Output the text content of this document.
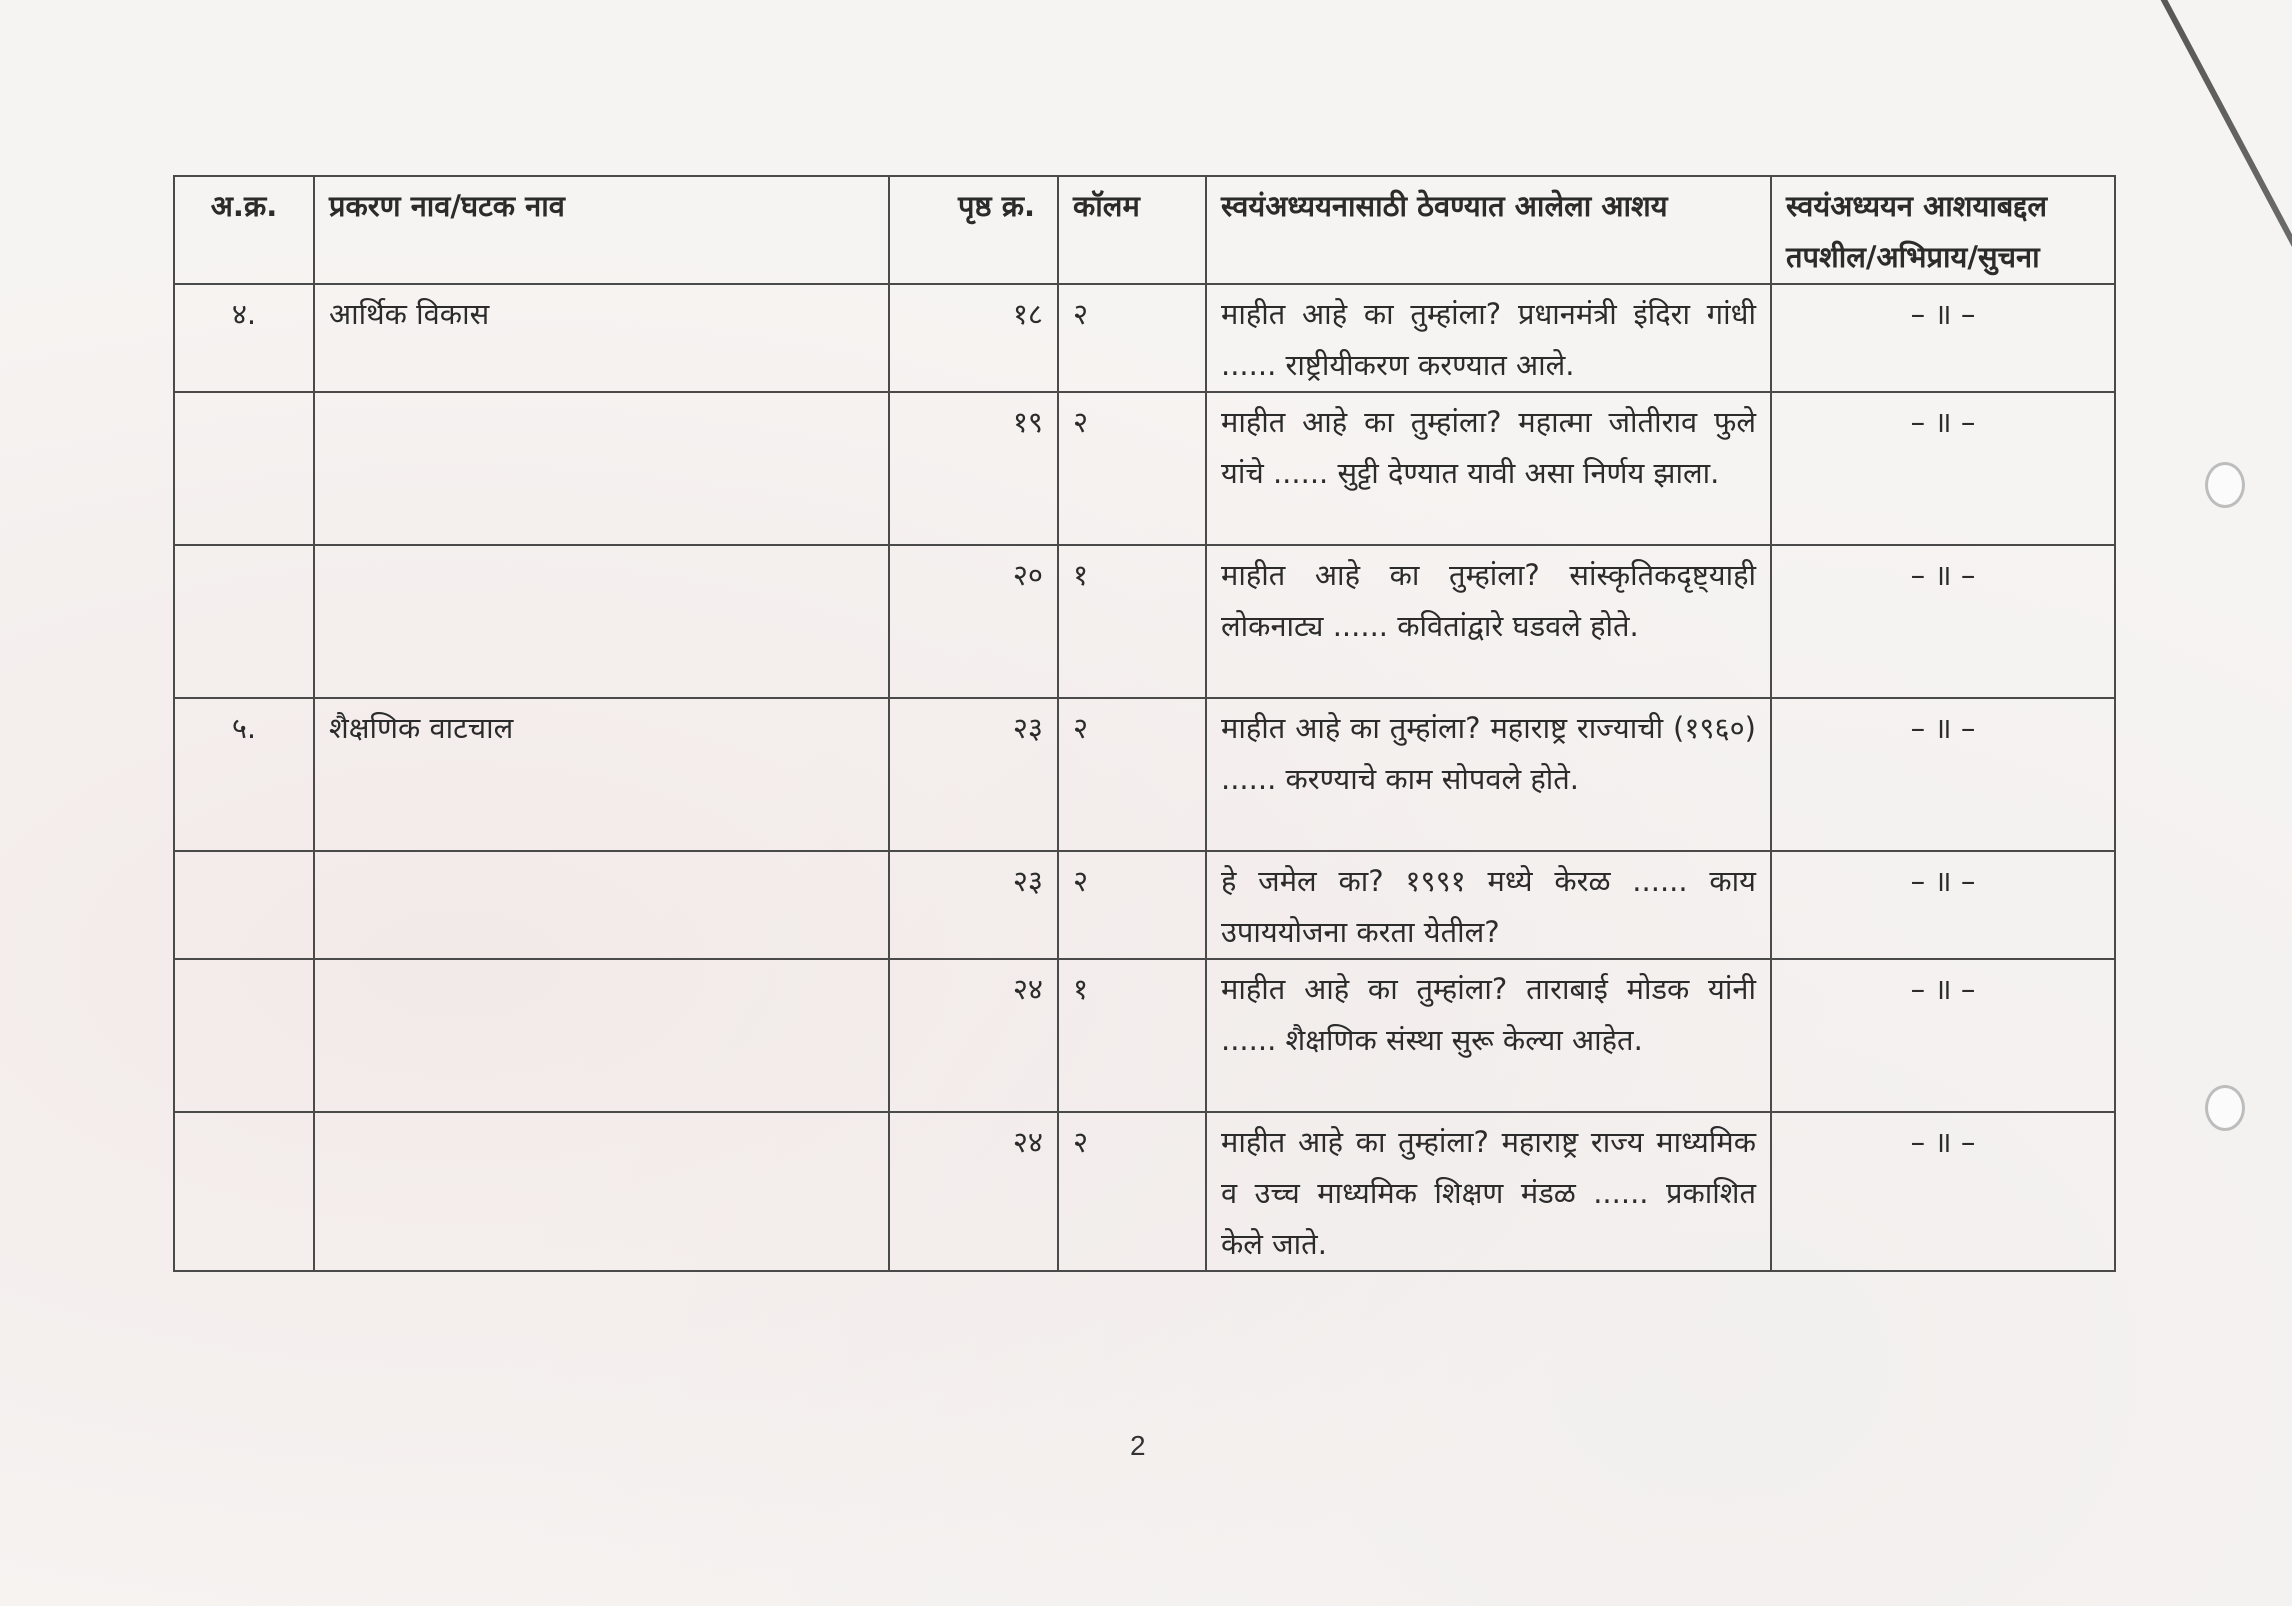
अ.क्र.	प्रकरण नाव/घटक नाव	पृष्ठ क्र.	कॉलम	स्वयंअध्ययनासाठी ठेवण्यात आलेला आशय	स्वयंअध्ययन आशयाबद्दल तपशील/अभिप्राय/सुचना
४.	आर्थिक विकास	१८	२	माहीत आहे का तुम्हांला? प्रधानमंत्री इंदिरा गांधी ...... राष्ट्रीयीकरण करण्यात आले.	– ॥ –
		१९	२	माहीत आहे का तुम्हांला? महात्मा जोतीराव फुले यांचे ...... सुट्टी देण्यात यावी असा निर्णय झाला.	– ॥ –
		२०	१	माहीत आहे का तुम्हांला? सांस्कृतिकदृष्ट्याही लोकनाट्य ...... कवितांद्वारे घडवले होते.	– ॥ –
५.	शैक्षणिक वाटचाल	२३	२	माहीत आहे का तुम्हांला? महाराष्ट्र राज्याची (१९६०) ...... करण्याचे काम सोपवले होते.	– ॥ –
		२३	२	हे जमेल का? १९९१ मध्ये केरळ ...... काय उपाययोजना करता येतील?	– ॥ –
		२४	१	माहीत आहे का तुम्हांला? ताराबाई मोडक यांनी ...... शैक्षणिक संस्था सुरू केल्या आहेत.	– ॥ –
		२४	२	माहीत आहे का तुम्हांला? महाराष्ट्र राज्य माध्यमिक व उच्च माध्यमिक शिक्षण मंडळ ...... प्रकाशित केले जाते.	– ॥ –
2
